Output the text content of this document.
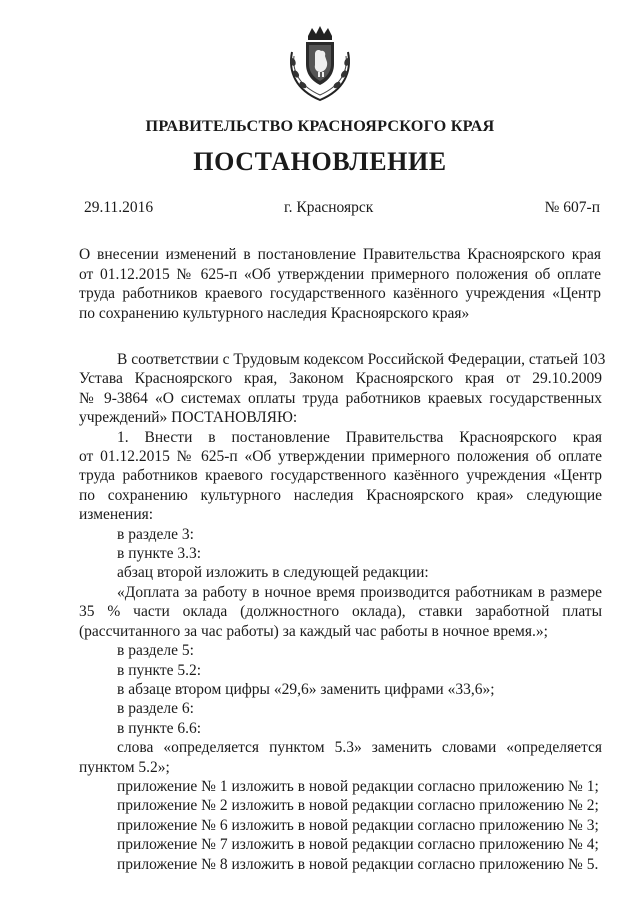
ПРАВИТЕЛЬСТВО КРАСНОЯРСКОГО КРАЯ
ПОСТАНОВЛЕНИЕ
29.11.2016	г. Красноярск	№ 607-п
О внесении изменений в постановление Правительства Красноярского края
от 01.12.2015 № 625-п «Об утверждении примерного положения об оплате
труда работников краевого государственного казённого учреждения «Центр
по сохранению культурного наследия Красноярского края»
В соответствии с Трудовым кодексом Российской Федерации, статьей 103
Устава Красноярского края, Законом Красноярского края от 29.10.2009
№ 9-3864 «О системах оплаты труда работников краевых государственных
учреждений» ПОСТАНОВЛЯЮ:
1. Внести в постановление Правительства Красноярского края
от 01.12.2015 № 625-п «Об утверждении примерного положения об оплате
труда работников краевого государственного казённого учреждения «Центр
по сохранению культурного наследия Красноярского края» следующие
изменения:
в разделе 3:
в пункте 3.3:
абзац второй изложить в следующей редакции:
«Доплата за работу в ночное время производится работникам в размере
35 % части оклада (должностного оклада), ставки заработной платы
(рассчитанного за час работы) за каждый час работы в ночное время.»;
в разделе 5:
в пункте 5.2:
в абзаце втором цифры «29,6» заменить цифрами «33,6»;
в разделе 6:
в пункте 6.6:
слова «определяется пунктом 5.3» заменить словами «определяется
пунктом 5.2»;
приложение № 1 изложить в новой редакции согласно приложению № 1;
приложение № 2 изложить в новой редакции согласно приложению № 2;
приложение № 6 изложить в новой редакции согласно приложению № 3;
приложение № 7 изложить в новой редакции согласно приложению № 4;
приложение № 8 изложить в новой редакции согласно приложению № 5.
